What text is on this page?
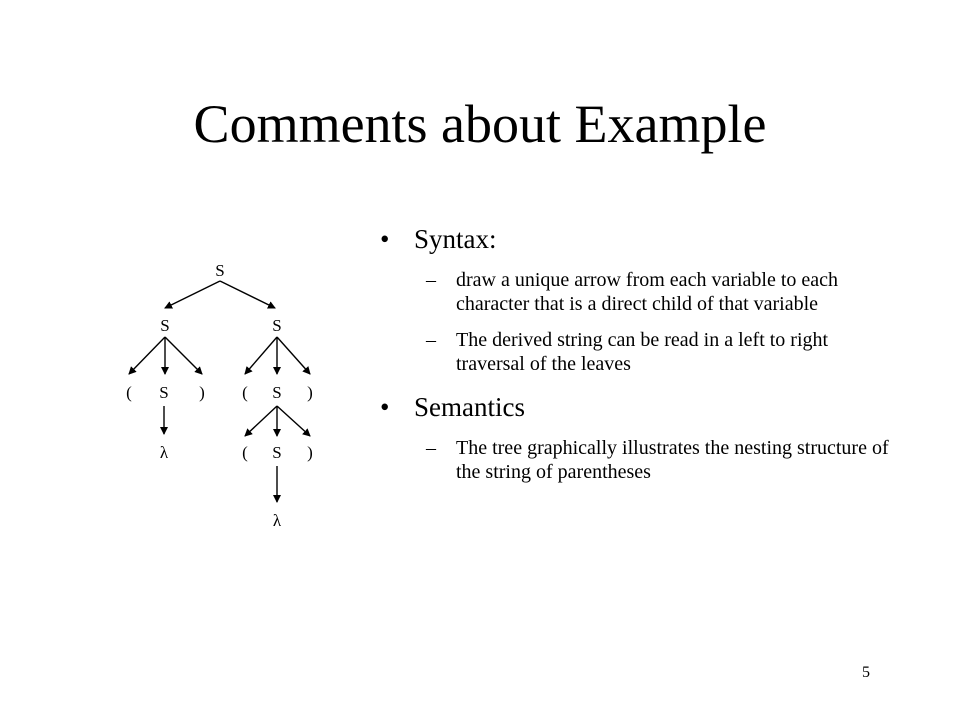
Comments about Example
S
S	S
( S ) ( S )
λ	( S )
λ
• Syntax:
– draw a unique arrow from each variable to each character that is a direct child of that variable
– The derived string can be read in a left to right traversal of the leaves
• Semantics
– The tree graphically illustrates the nesting structure of the string of parentheses
5
